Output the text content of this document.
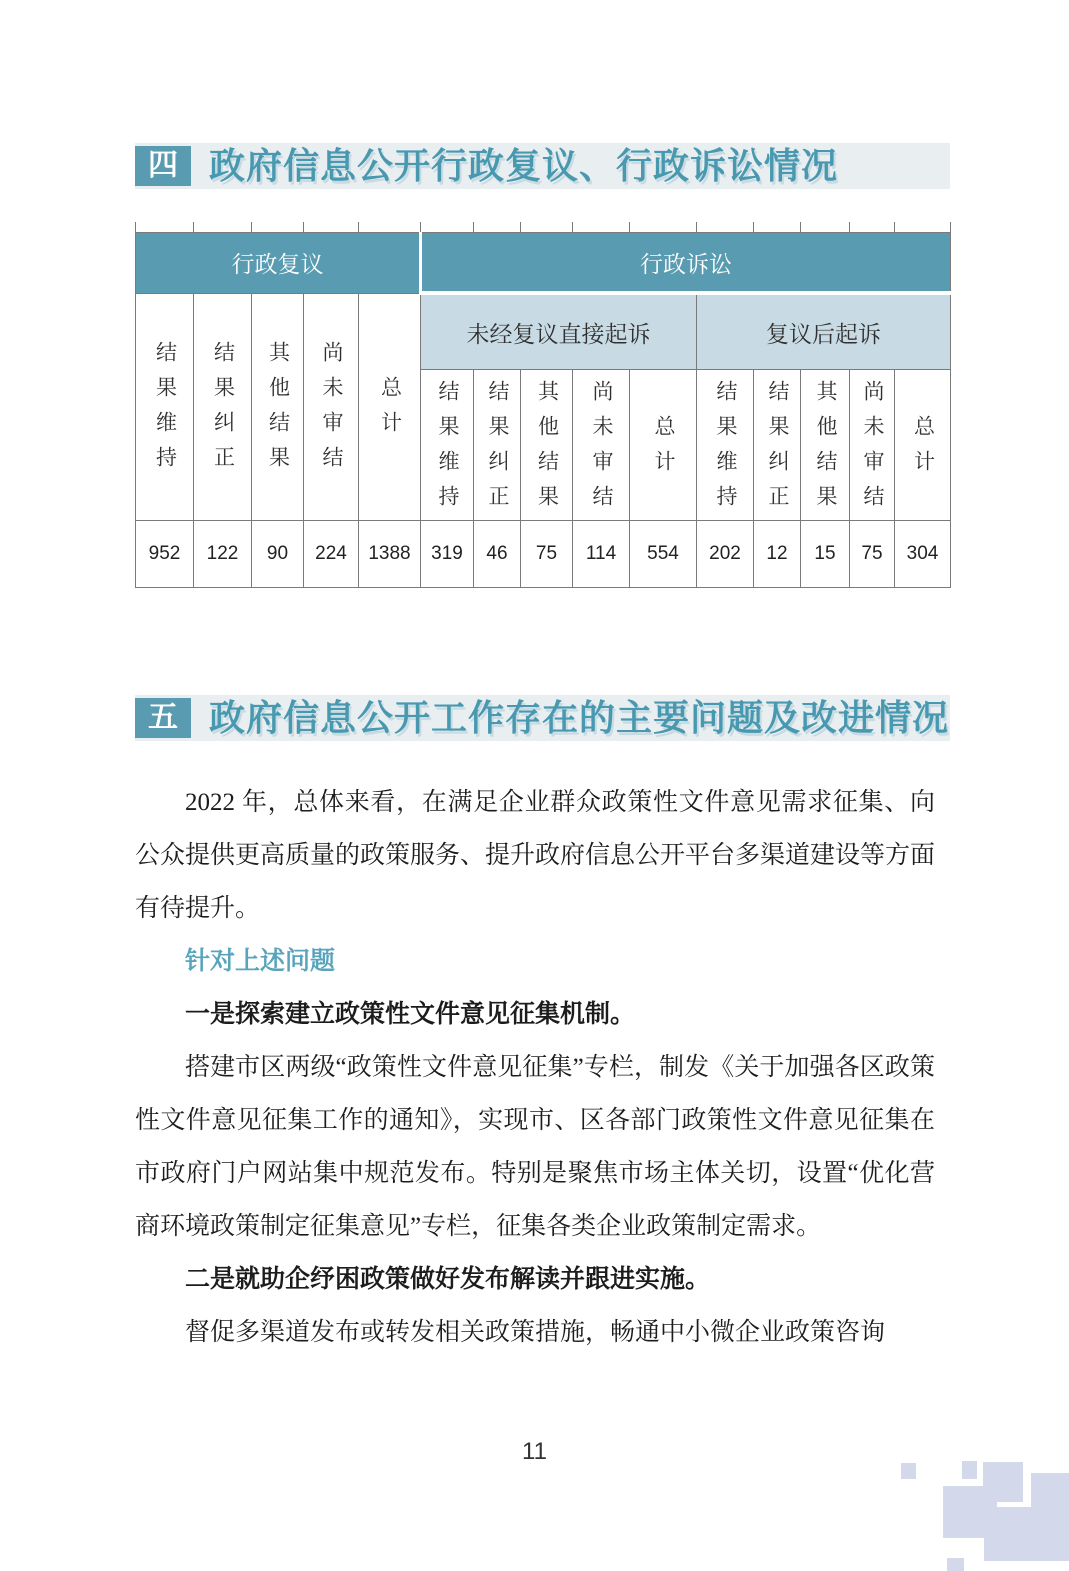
四 政府信息公开行政复议、行政诉讼情况

行政复议					行政诉讼									
结果维持	结果纠正	其他结果	尚未审结	总计	未经复议直接起诉					复议后起诉				
					结果维持	结果纠正	其他结果	尚未审结	总计	结果维持	结果纠正	其他结果	尚未审结	总计
952	122	90	224	1388	319	46	75	114	554	202	12	15	75	304
五 政府信息公开工作存在的主要问题及改进情况

2022 年，总体来看，在满足企业群众政策性文件意见需求征集、向公众提供更高质量的政策服务、提升政府信息公开平台多渠道建设等方面有待提升。

针对上述问题

一是探索建立政策性文件意见征集机制。

搭建市区两级“政策性文件意见征集”专栏，制发《关于加强各区政策性文件意见征集工作的通知》，实现市、区各部门政策性文件意见征集在市政府门户网站集中规范发布。特别是聚焦市场主体关切，设置“优化营商环境政策制定征集意见”专栏，征集各类企业政策制定需求。

二是就助企纾困政策做好发布解读并跟进实施。

督促多渠道发布或转发相关政策措施，畅通中小微企业政策咨询

11
